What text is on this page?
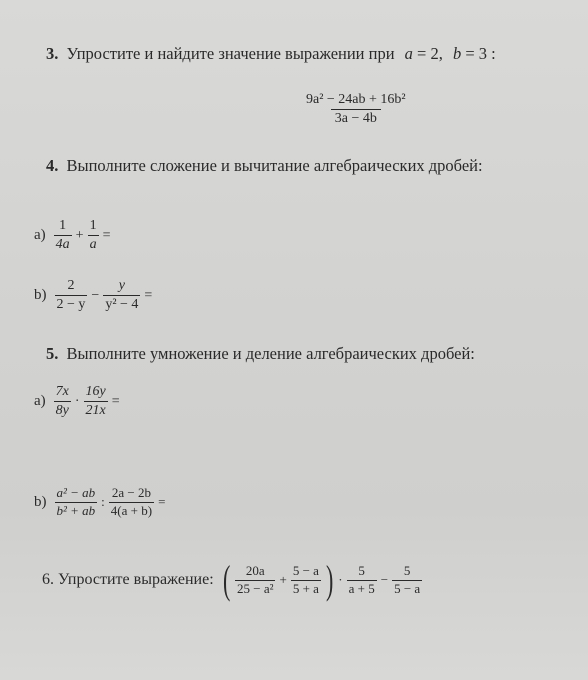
3. Упростите и найдите значение выражении при a = 2, b = 3 :
$\frac{\text{9a² − 24ab + 16b²}}{3a - 4b}$
4. Выполните сложение и вычитание алгебраических дробей:
$a) \frac{1}{4a} + \frac{1}{a}$ =
$b) \frac{2}{2 - y} - \frac{y}{\text{y² − 4}}$ =
5. Выполните умножение и деление алгебраических дробей:
$a) \frac{7x}{8y} \cdot \frac{16y}{21x}$ =
$b) \frac{\text{a² − ab}}{\text{b² + ab}}$ : $\frac{2a - 2b}{4(a + b)}$ =
6. Упростите выражение: ( $\frac{20a}{\text{25 − a²}} + \frac{5 - a}{5 + a}$ ) · $\frac{5}{a + 5} - \frac{5}{5 - a}$
